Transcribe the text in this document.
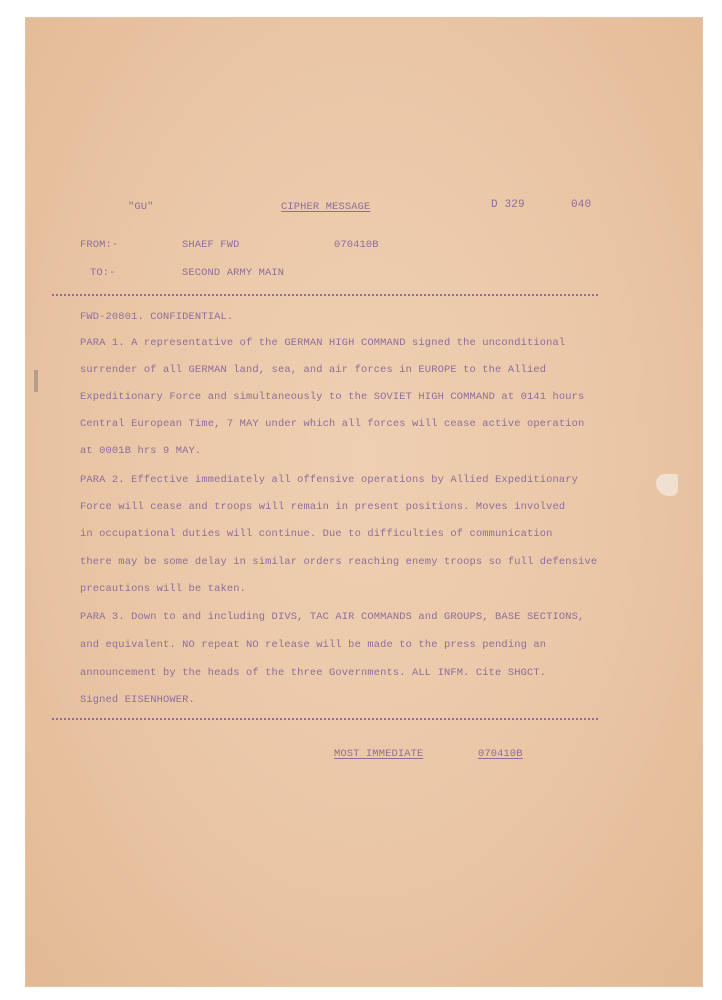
"GU"	CIPHER MESSAGE	D 329	040
FROM:-	SHAEF FWD	070410B
TO:-	SECOND ARMY MAIN
FWD-20801. CONFIDENTIAL.
PARA 1. A representative of the GERMAN HIGH COMMAND signed the unconditional
surrender of all GERMAN land, sea, and air forces in EUROPE to the Allied
Expeditionary Force and simultaneously to the SOVIET HIGH COMMAND at 0141 hours
Central European Time, 7 MAY under which all forces will cease active operation
at 0001B hrs 9 MAY.
PARA 2. Effective immediately all offensive operations by Allied Expeditionary
Force will cease and troops will remain in present positions. Moves involved
in occupational duties will continue. Due to difficulties of communication
there may be some delay in similar orders reaching enemy troops so full defensive
precautions will be taken.
PARA 3. Down to and including DIVS, TAC AIR COMMANDS and GROUPS, BASE SECTIONS,
and equivalent. NO repeat NO release will be made to the press pending an
announcement by the heads of the three Governments. ALL INFM. Cite SHGCT.
Signed EISENHOWER.
MOST IMMEDIATE	070410B
